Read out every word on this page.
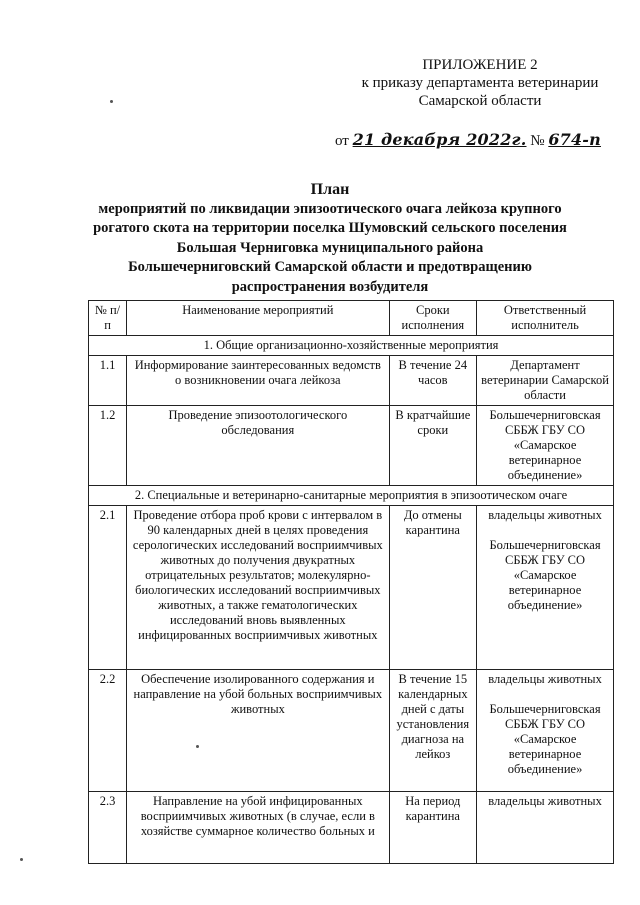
ПРИЛОЖЕНИЕ 2
к приказу департамента ветеринарии
Самарской области
от 21 декабря 2022г. № 674-п
План
мероприятий по ликвидации эпизоотического очага лейкоза крупного
рогатого скота на территории поселка Шумовский сельского поселения
Большая Черниговка муниципального района
Большечерниговский Самарской области и предотвращению
распространения возбудителя
№ п/п	Наименование мероприятий	Сроки исполнения	Ответственный исполнитель
1. Общие организационно-хозяйственные мероприятия			
1.1	Информирование заинтересованных ведомств о возникновении очага лейкоза	В течение 24 часов	Департамент ветеринарии Самарской области
1.2	Проведение эпизоотологического обследования	В кратчайшие сроки	Большечерниговская СББЖ ГБУ СО «Самарское ветеринарное объединение»
2. Специальные и ветеринарно-санитарные мероприятия в эпизоотическом очаге			
2.1	Проведение отбора проб крови с интервалом в 90 календарных дней в целях проведения серологических исследований восприимчивых животных до получения двукратных отрицательных результатов; молекулярно-биологических исследований восприимчивых животных, а также гематологических исследований вновь выявленных инфицированных восприимчивых животных	До отмены карантина	владельцы животных
Большечерниговская СББЖ ГБУ СО «Самарское ветеринарное объединение»

2.2	Обеспечение изолированного содержания и направление на убой больных восприимчивых животных	В течение 15 календарных дней с даты установления диагноза на лейкоз	владельцы животных
Большечерниговская СББЖ ГБУ СО «Самарское ветеринарное объединение»

2.3	Направление на убой инфицированных восприимчивых животных (в случае, если в хозяйстве суммарное количество больных и	На период карантина	владельцы животных
